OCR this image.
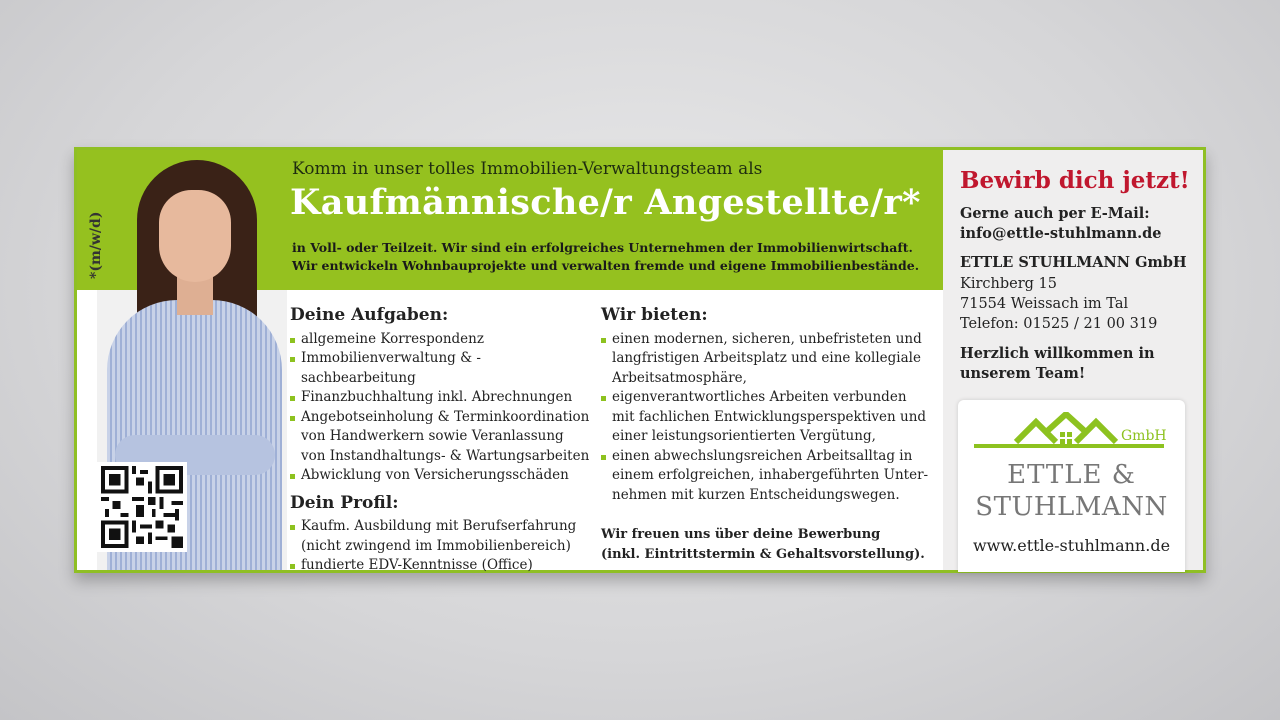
*(m/w/d)
Komm in unser tolles Immobilien-Verwaltungsteam als
Kaufmännische/r Angestellte/r*
in Voll- oder Teilzeit. Wir sind ein erfolgreiches Unternehmen der Immobilienwirtschaft.
Wir entwickeln Wohnbauprojekte und verwalten fremde und eigene Immobilienbestände.
Deine Aufgaben:
allgemeine Korrespondenz
Immobilienverwaltung & -sachbearbeitung
Finanzbuchhaltung inkl. Abrechnungen
Angebotseinholung & Terminkoordination von Handwerkern sowie Veranlassung von Instandhaltungs- & Wartungsarbeiten
Abwicklung von Versicherungsschäden
Dein Profil:
Kaufm. Ausbildung mit Berufserfahrung (nicht zwingend im Immobilienbereich)
fundierte EDV-Kenntnisse (Office)
Wir bieten:
einen modernen, sicheren, unbefristeten und langfristigen Arbeitsplatz und eine kollegiale Arbeitsatmosphäre,
eigenverantwortliches Arbeiten verbunden mit fachlichen Entwicklungsperspektiven und einer leistungsorientierten Vergütung,
einen abwechslungsreichen Arbeitsalltag in einem erfolgreichen, inhabergeführten Unter-nehmen mit kurzen Entscheidungswegen.
Wir freuen uns über deine Bewerbung
(inkl. Eintrittstermin & Gehaltsvorstellung).
Bewirb dich jetzt!
Gerne auch per E-Mail:
info@ettle-stuhlmann.de
ETTLE STUHLMANN GmbH
Kirchberg 15
71554 Weissach im Tal
Telefon: 01525 / 21 00 319
Herzlich willkommen in
unserem Team!
GmbH
ETTLE &
STUHLMANN
www.ettle-stuhlmann.de
